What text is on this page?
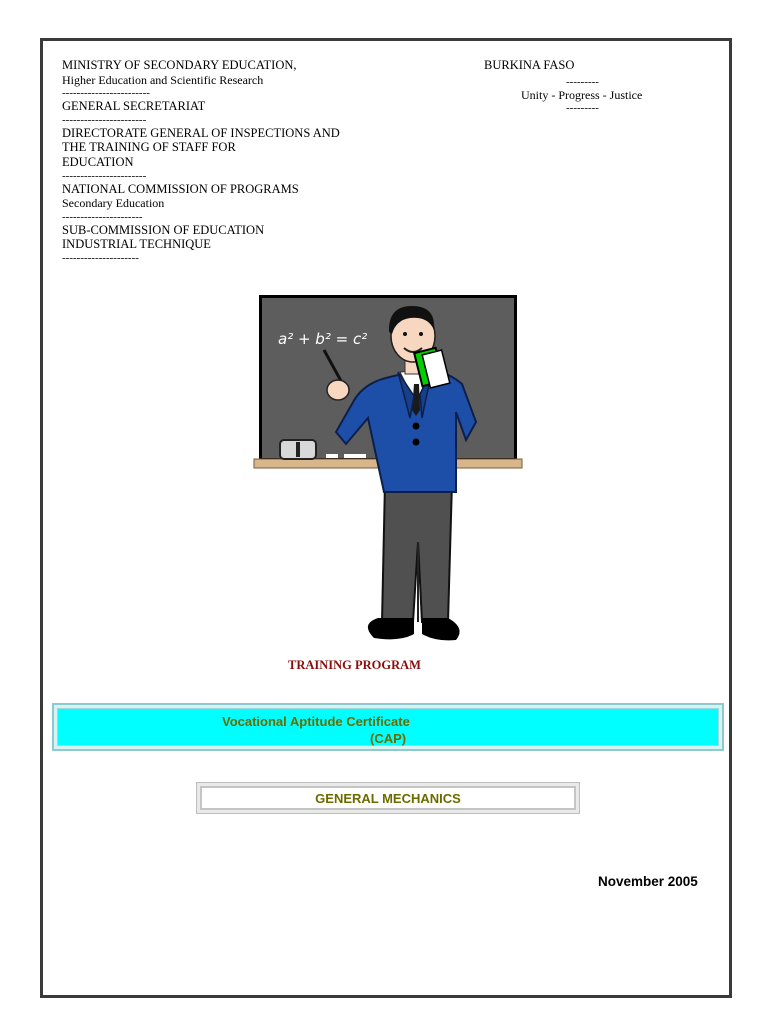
MINISTRY OF SECONDARY EDUCATION,
Higher Education and Scientific Research
------------------------
GENERAL SECRETARIAT
-----------------------
DIRECTORATE GENERAL OF INSPECTIONS AND
THE TRAINING OF STAFF FOR
EDUCATION
-----------------------
NATIONAL COMMISSION OF PROGRAMS
Secondary Education
----------------------
SUB-COMMISSION OF EDUCATION
INDUSTRIAL TECHNIQUE
---------------------
BURKINA FASO
---------
Unity - Progress - Justice
---------
a² + b² = c²
TRAINING PROGRAM
Vocational Aptitude Certificate
(CAP)
GENERAL MECHANICS
November 2005
